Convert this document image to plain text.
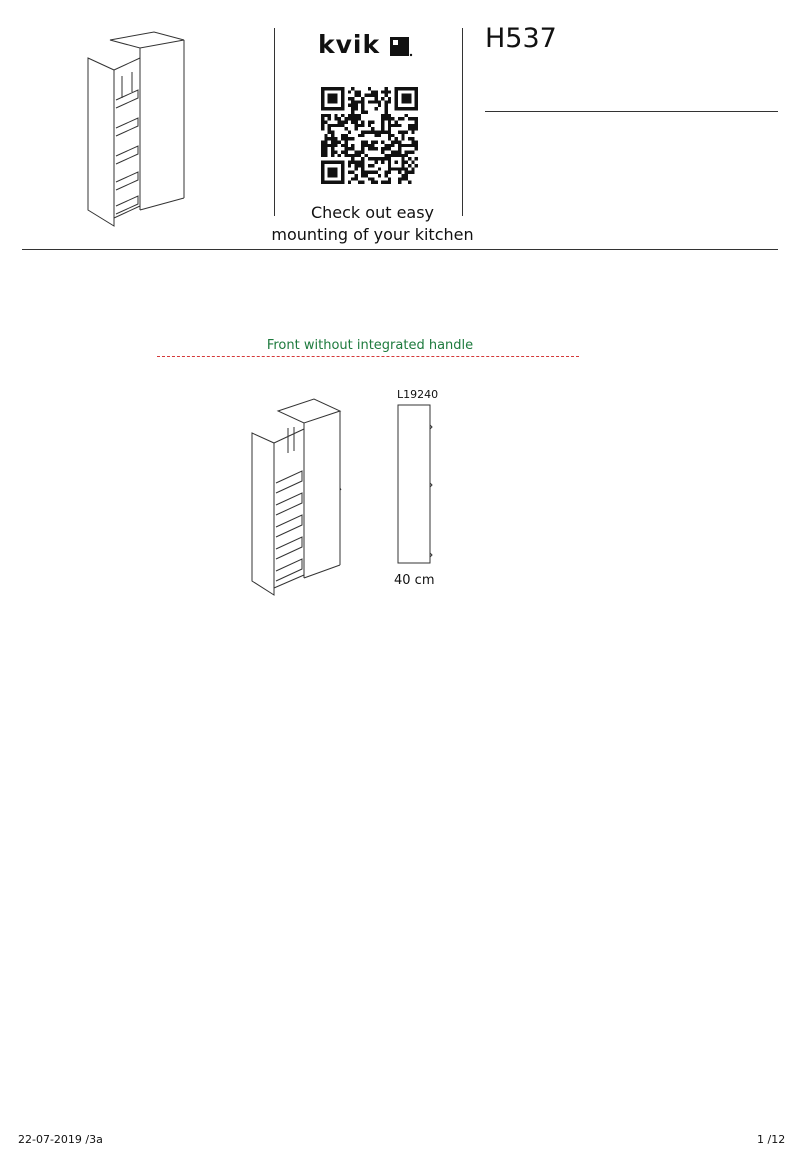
kvik
Check out easy
mounting of your kitchen
H537
Front without integrated handle
L19240
40 cm
22-07-2019 /3a	1 /12
